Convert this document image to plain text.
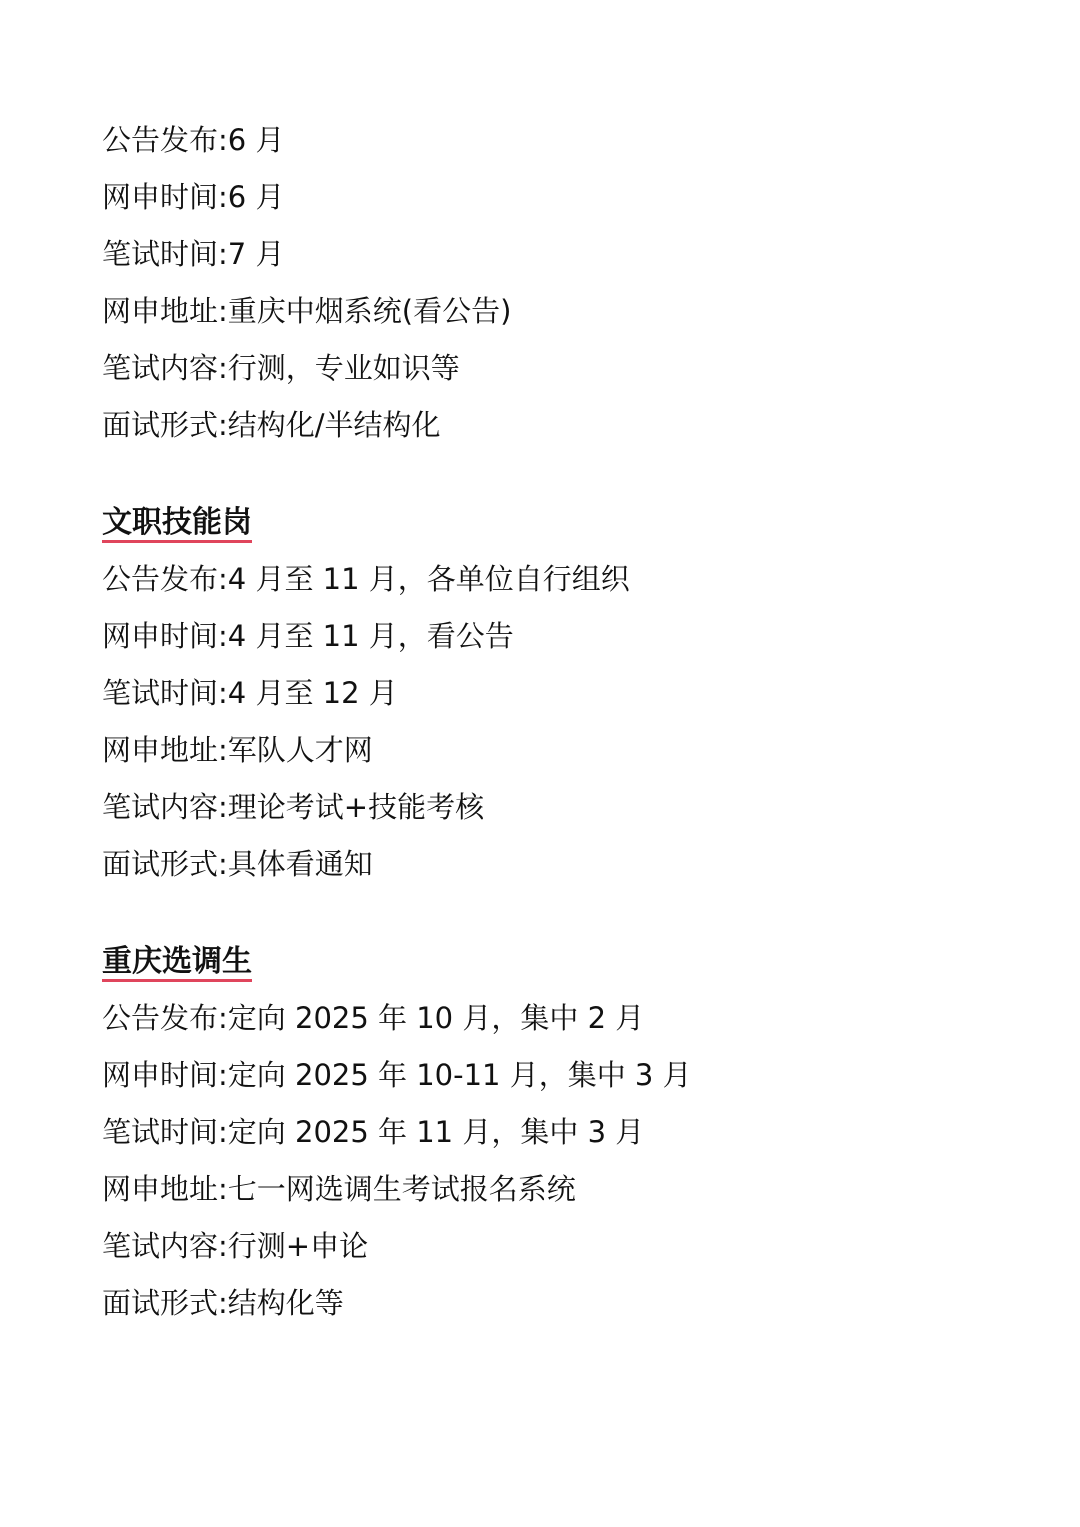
公告发布:6 月
网申时间:6 月
笔试时间:7 月
网申地址:重庆中烟系统(看公告)
笔试内容:行测，专业如识等
面试形式:结构化/半结构化
文职技能岗
公告发布:4 月至 11 月，各单位自行组织
网申时间:4 月至 11 月，看公告
笔试时间:4 月至 12 月
网申地址:军队人才网
笔试内容:理论考试+技能考核
面试形式:具体看通知
重庆选调生
公告发布:定向 2025 年 10 月，集中 2 月
网申时间:定向 2025 年 10-11 月，集中 3 月
笔试时间:定向 2025 年 11 月，集中 3 月
网申地址:七一网选调生考试报名系统
笔试内容:行测+申论
面试形式:结构化等
